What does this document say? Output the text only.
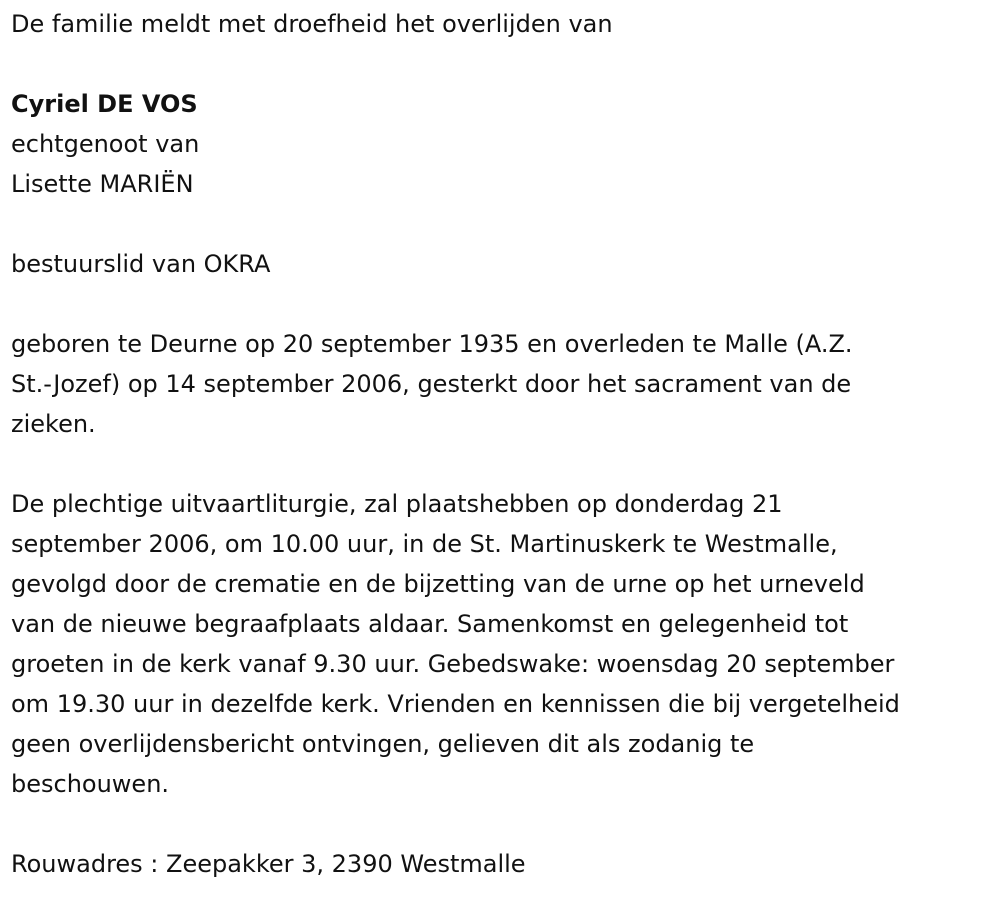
De familie meldt met droefheid het overlijden van
Cyriel DE VOS
echtgenoot van
Lisette MARIËN
bestuurslid van OKRA
geboren te Deurne op 20 september 1935 en overleden te Malle (A.Z.
St.-Jozef) op 14 september 2006, gesterkt door het sacrament van de
zieken.
De plechtige uitvaartliturgie, zal plaatshebben op donderdag 21
september 2006, om 10.00 uur, in de St. Martinuskerk te Westmalle,
gevolgd door de crematie en de bijzetting van de urne op het urneveld
van de nieuwe begraafplaats aldaar. Samenkomst en gelegenheid tot
groeten in de kerk vanaf 9.30 uur. Gebedswake: woensdag 20 september
om 19.30 uur in dezelfde kerk. Vrienden en kennissen die bij vergetelheid
geen overlijdensbericht ontvingen, gelieven dit als zodanig te
beschouwen.
Rouwadres : Zeepakker 3, 2390 Westmalle
